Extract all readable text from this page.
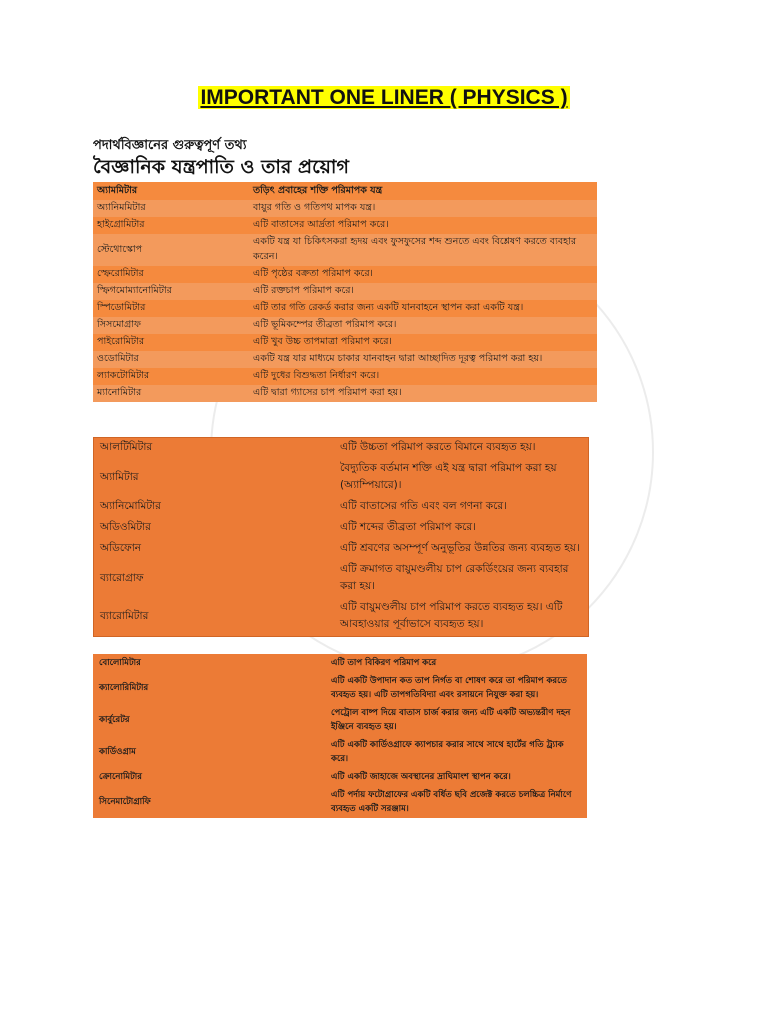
IMPORTANT ONE LINER ( PHYSICS )
পদার্থবিজ্ঞানের গুরুত্বপূর্ণ তথ্য
বৈজ্ঞানিক যন্ত্রপাতি ও তার প্রয়োগ
অ্যামমিটার	তড়িৎ প্রবাহের শক্তি পরিমাপক যন্ত্র
অ্যানিমমিটার	বায়ুর গতি ও গতিপথ মাপক যন্ত্র।
হাইগ্রোমিটার	এটি বাতাসের আর্দ্রতা পরিমাপ করে।
স্টেথোস্কোপ	একটি যন্ত্র যা চিকিৎসকরা হৃদয় এবং ফুসফুসের শব্দ শুনতে এবং বিশ্লেষণ করতে ব্যবহার করেন।
স্ফেরোমিটার	এটি পৃষ্ঠের বক্রতা পরিমাপ করে।
স্ফিগমোম্যানোমিটার	এটি রক্তচাপ পরিমাপ করে।
স্পিডোমিটার	এটি তার গতি রেকর্ড করার জন্য একটি যানবাহনে স্থাপন করা একটি যন্ত্র।
সিসমোগ্রাফ	এটি ভূমিকম্পের তীব্রতা পরিমাপ করে।
পাইরোমিটার	এটি খুব উচ্চ তাপমাত্রা পরিমাপ করে।
ওডোমিটার	একটি যন্ত্র যার মাধ্যমে চাকার যানবাহন দ্বারা আচ্ছাদিত দূরত্ব পরিমাপ করা হয়।
ল্যাকটোমিটার	এটি দুধের বিশুদ্ধতা নির্ধারণ করে।
ম্যানোমিটার	এটি দ্বারা গ্যাসের চাপ পরিমাপ করা হয়।
আলটিমিটার	এটি উচ্চতা পরিমাপ করতে বিমানে ব্যবহৃত হয়।
অ্যামিটার	বৈদ্যুতিক বর্তমান শক্তি এই যন্ত্র দ্বারা পরিমাপ করা হয় (অ্যাম্পিয়ারে)।
অ্যানিমোমিটার	এটি বাতাসের গতি এবং বল গণনা করে।
অডিওমিটার	এটি শব্দের তীব্রতা পরিমাপ করে।
অডিফোন	এটি শ্রবণের অসম্পূর্ণ অনুভূতির উন্নতির জন্য ব্যবহৃত হয়।
ব্যারোগ্রাফ	এটি ক্রমাগত বায়ুমণ্ডলীয় চাপ রেকর্ডিংয়ের জন্য ব্যবহার করা হয়।
ব্যারোমিটার	এটি বায়ুমণ্ডলীয় চাপ পরিমাপ করতে ব্যবহৃত হয়। এটি আবহাওয়ার পূর্বাভাসে ব্যবহৃত হয়।
বোলোমিটার	এটি তাপ বিকিরণ পরিমাপ করে
ক্যালোরিমিটার	এটি একটি উপাদান কত তাপ নির্গত বা শোষণ করে তা পরিমাপ করতে ব্যবহৃত হয়। এটি তাপগতিবিদ্যা এবং রসায়নে নিযুক্ত করা হয়।
কার্বুরেটর	পেট্রোল বাষ্প দিয়ে বাতাস চার্জ করার জন্য এটি একটি অভ্যন্তরীণ দহন ইঞ্জিনে ব্যবহৃত হয়।
কার্ডিওগ্রাম	এটি একটি কার্ডিওগ্রাফে ক্যাপচার করার সাথে সাথে হার্টের গতি ট্র্যাক করে।
ক্রোনোমিটার	এটি একটি জাহাজে অবস্থানের দ্রাঘিমাংশ স্থাপন করে।
সিনেমাটোগ্রাফি	এটি পর্দায় ফটোগ্রাফের একটি বর্ধিত ছবি প্রজেক্ট করতে চলচ্চিত্র নির্মাণে ব্যবহৃত একটি সরঞ্জাম।
